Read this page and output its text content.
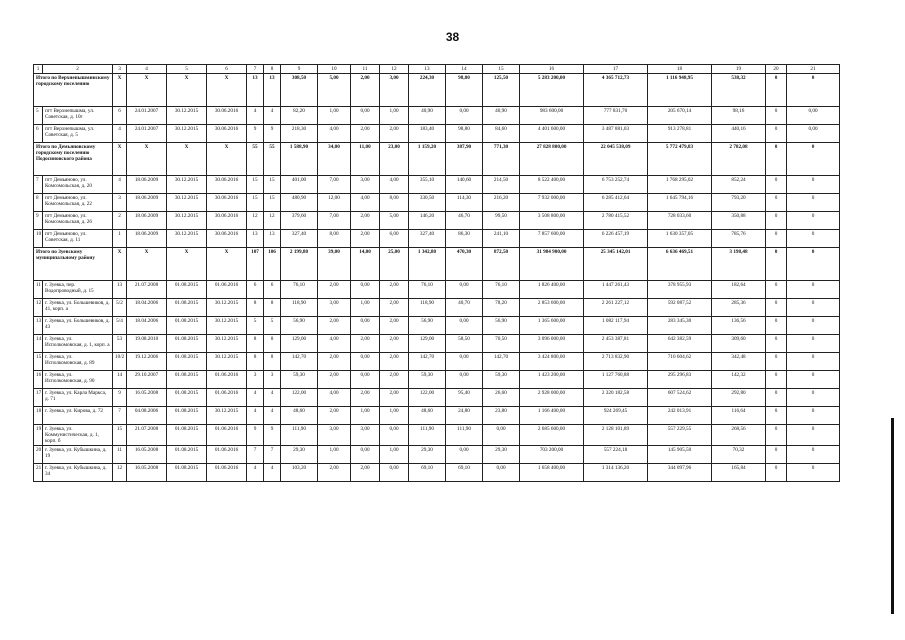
38
1	2	3	4	5	6	7	8	9	10	11	12	13	14	15	16	17	18	19	20	21
Итого по Верхнепышминскому городскому поселению		X	X	X	X	13	13	308,50	5,00	2,00	3,00	224,30	98,80	125,50	5 283 200,00	4 365 712,73	1 116 948,95	538,32	0	0
5	пгт Верхнепышма, ул. Советская, д. 10г	6	24.01.2007	30.12.2015	30.06.2016	4	4	82,20	1,00	0,00	1,00	40,90	0,00	40,90	983 600,00	777 831,70	205 670,14	98,16	0	0,00
6	пгт Верхнепышма, ул. Советская, д. 5	4	24.01.2007	30.12.2015	30.06.2016	9	9	218,30	4,00	2,00	2,00	183,40	98,80	84,60	4 401 600,00	3 487 881,03	913 278,81	440,16	0	0,00
Итого по Демьяновскому городскому поселению Подосиновского района		X	X	X	X	55	55	1 588,90	34,00	11,00	23,00	1 159,20	387,90	771,30	27 828 800,00	22 045 538,09	5 772 479,83	2 782,08	0	0
7	пгт Демьяново, ул. Комсомольская, д. 20	4	18.06.2009	30.12.2015	30.06.2016	15	15	401,00	7,00	3,00	4,00	355,10	140,60	214,50	8 522 400,00	6 753 252,74	1 768 295,02	852,24	0	0
8	пгт Демьяново, ул. Комсомольская, д. 22	3	18.06.2009	30.12.2015	30.06.2016	15	15	480,90	12,00	4,00	8,00	330,50	114,30	216,20	7 932 000,00	6 285 412,64	1 645 794,16	793,20	0	0
9	пгт Демьяново, ул. Комсомольская, д. 26	2	18.06.2009	30.12.2015	30.06.2016	12	12	379,60	7,00	2,00	5,00	146,20	46,70	99,50	3 508 800,00	2 780 415,52	728 033,60	350,88	0	0
10	пгт Демьяново, ул. Советская, д. 11	1	18.06.2009	30.12.2015	30.06.2016	13	13	327,40	8,00	2,00	6,00	327,40	86,30	241,10	7 857 600,00	6 226 457,19	1 630 357,05	785,76	0	0
Итого по Зуевскому муниципальному району		X	X	X	X	107	106	2 199,80	39,00	14,00	25,00	1 342,80	470,30	872,50	31 984 900,00	25 345 142,01	6 636 469,51	3 198,48	0	0
11	г. Зуевка, пер. Водопроводный, д. 15	13	21.07.2008	01.08.2015	01.06.2016	6	6	76,10	2,00	0,00	2,00	76,10	0,00	76,10	1 826 400,00	1 447 261,43	378 955,93	182,64	0	0
12	г. Зуевка, ул. Большевиков, д. 41, корп. а	5/2	18.04.2006	01.08.2015	30.12.2015	8	8	118,90	3,00	1,00	2,00	118,90	40,70	78,20	2 853 600,00	2 261 227,12	592 087,52	285,36	0	0
13	г. Зуевка, ул. Большевиков, д. 43	5/4	18.04.2006	01.08.2015	30.12.2015	5	5	56,90	2,00	0,00	2,00	56,90	0,00	56,90	1 365 600,00	1 082 117,94	283 345,30	136,56	0	0
14	г. Зуевка, ул. Исполкомовская, д. 1, корп. а	53	19.08.2010	01.08.2015	30.12.2015	8	8	129,00	4,00	2,00	2,00	129,00	58,50	70,50	3 096 000,00	2 453 387,81	642 382,59	309,60	0	0
15	г. Зуевка, ул. Исполкомовская, д. 89	10/2	19.12.2006	01.08.2015	30.12.2015	8	8	142,70	2,00	0,00	2,00	142,70	0,00	142,70	3 424 800,00	2 713 832,90	710 604,62	342,48	0	0
16	г. Зуевка, ул. Исполкомовская, д. 90	14	29.10.2007	01.08.2015	01.06.2016	3	3	59,30	2,00	0,00	2,00	59,30	0,00	59,30	1 423 200,00	1 127 760,88	295 296,83	142,32	0	0
17	г. Зуевка, ул. Карла Маркса, д. 71	9	16.05.2008	01.08.2015	01.06.2016	4	4	122,00	4,00	2,00	2,00	122,00	95,40	26,60	2 928 000,00	2 320 182,58	607 524,62	292,80	0	0
18	г. Зуевка, ул. Кирова, д. 72	7	04.08.2006	01.08.2015	30.12.2015	4	4	48,60	2,00	1,00	1,00	48,60	24,80	23,80	1 166 400,00	924 269,45	242 013,91	116,64	0	0
19	г. Зуевка, ул. Коммунистическая, д. 1, корп. б	15	21.07.2008	01.08.2015	01.06.2016	9	9	111,90	3,00	3,00	0,00	111,90	111,90	0,00	2 685 600,00	2 128 101,89	557 229,55	268,56	0	0
20	г. Зуевка, ул. Кубышкина, д. 19	11	16.05.2008	01.08.2015	01.06.2016	7	7	29,30	1,00	0,00	1,00	29,30	0,00	29,30	703 200,00	557 224,18	145 905,50	70,32	0	0
21	г. Зуевка, ул. Кубышкина, д. 34	12	16.05.2008	01.08.2015	01.06.2016	4	4	103,20	2,00	2,00	0,00	69,10	69,10	0,00	1 658 400,00	1 314 136,20	344 097,96	165,84	0	0
